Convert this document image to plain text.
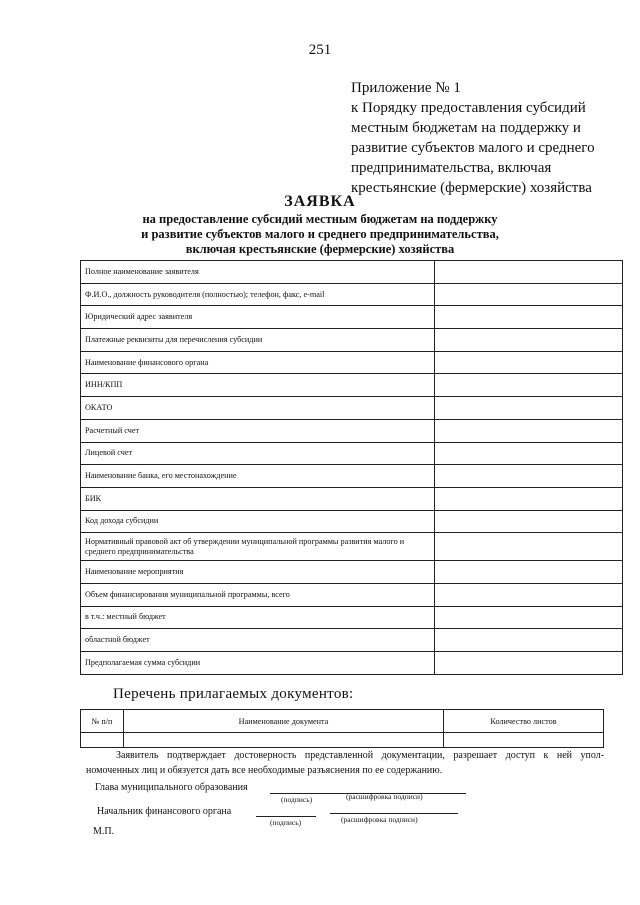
251
Приложение № 1
к Порядку предоставления субсидий
местным бюджетам на поддержку и
развитие субъектов малого и среднего
предпринимательства, включая
крестьянские (фермерские) хозяйства
ЗАЯВКА
на предоставление субсидий местным бюджетам на поддержку
и развитие субъектов малого и среднего предпринимательства,
включая крестьянские (фермерские) хозяйства
Полное наименование заявителя	
Ф.И.О., должность руководителя (полностью); телефон, факс, e-mail	
Юридический адрес заявителя	
Платежные реквизиты для перечисления субсидии	
Наименование финансового органа	
ИНН/КПП	
ОКАТО	
Расчетный счет	
Лицевой счет	
Наименование банка, его местонахождение	
БИК	
Код дохода субсидии	
Нормативный правовой акт об утверждении муниципальной программы развития малого и среднего предпринимательства	
Наименование мероприятия	
Объем финансирования муниципальной программы, всего	
в т.ч.: местный бюджет	
областной бюджет	
Предполагаемая сумма субсидии	
Перечень прилагаемых документов:
№ п/п	Наименование документа	Количество листов

Заявитель подтверждает достоверность представленной документации, разрешает доступ к ней упол-
номоченных лиц и обязуется дать все необходимые разъяснения по ее содержанию.
Глава муниципального образования
(подпись)	(расшифровка подписи)
Начальник финансового органа
(подпись)	(расшифровка подписи)
М.П.
